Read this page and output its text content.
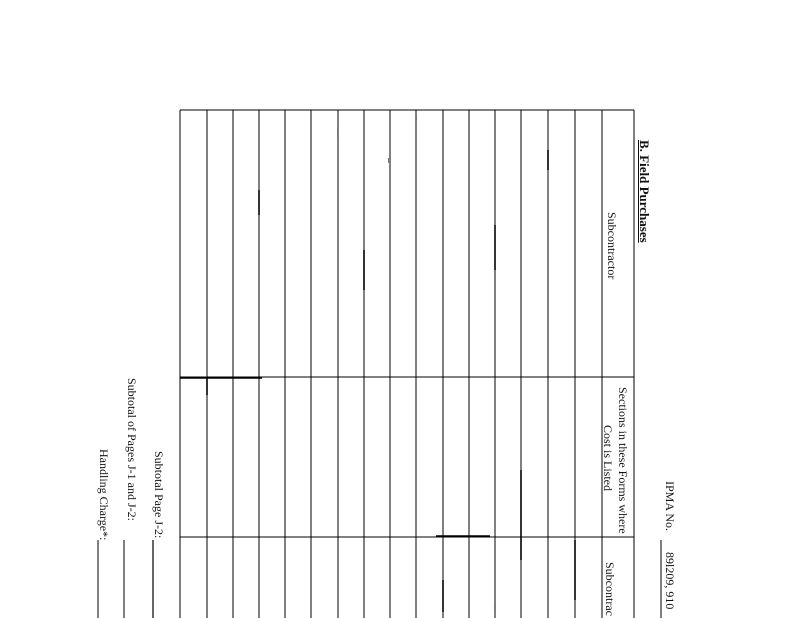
IPMA No.
89l209, 910
B. Field Purchases
Subcontractor
Sections in these Forms where
Cost is Listed
Subcontrac
Subtotal Page J-2:
Subtotal of Pages J-1 and J-2:
Handling Charge*:
